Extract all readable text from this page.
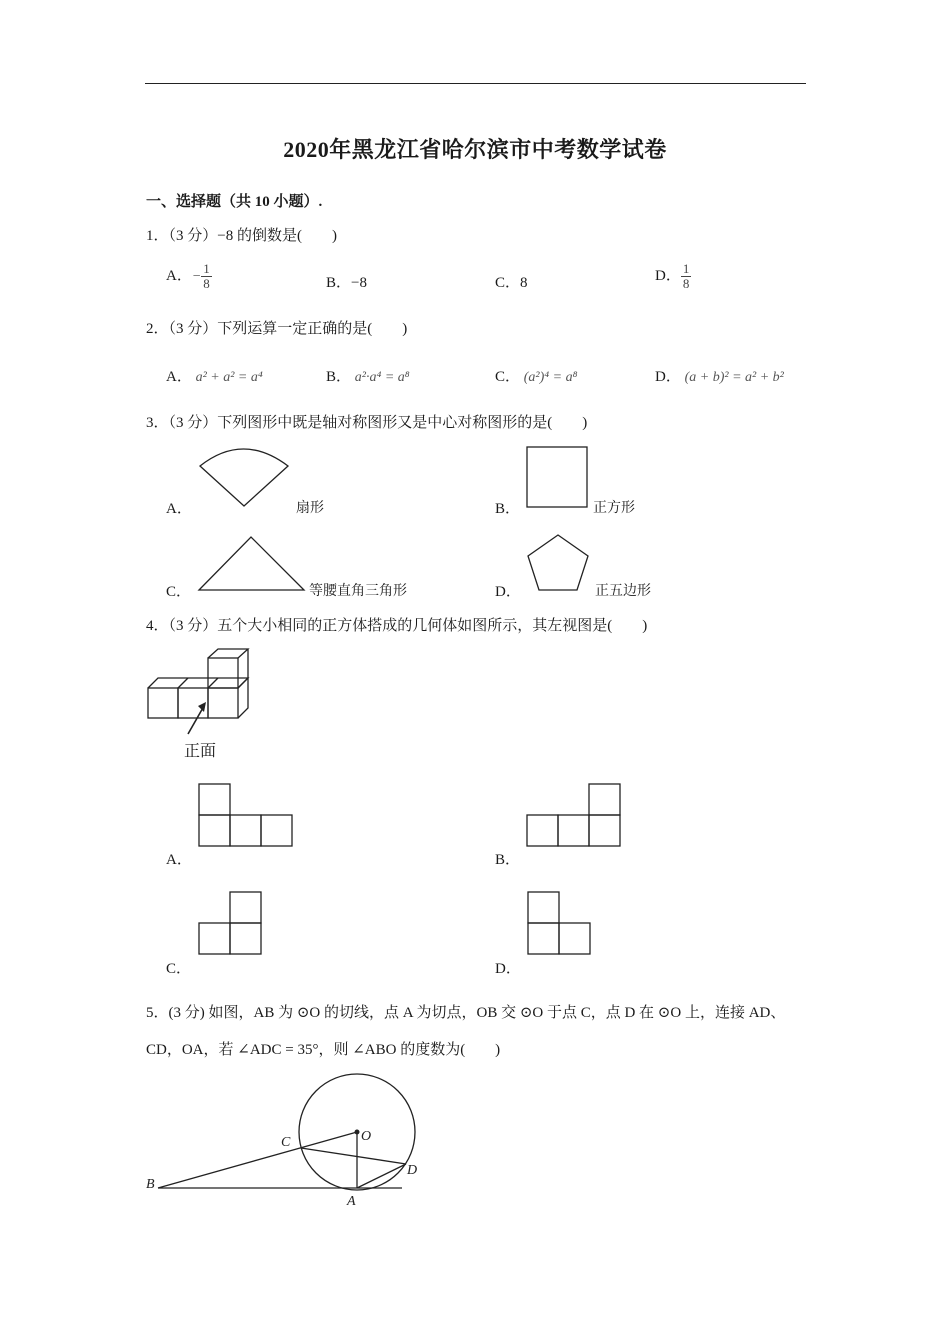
2020年黑龙江省哈尔滨市中考数学试卷
一、选择题（共 10 小题）.
1．（3 分）−8 的倒数是(　　)
A．− $\frac{1}{8}$	B．−8	C．8	D． $\frac{1}{8}$
2．（3 分）下列运算一定正确的是(　　)
A． a² + a² = a⁴	B． a²·a⁴ = a⁸	C． (a²)⁴ = a⁸	D． (a + b)² = a² + b²
3．（3 分）下列图形中既是轴对称图形又是中心对称图形的是(　　)
A．	扇形	B．	正方形
C．	等腰直角三角形	D．	正五边形
4．（3 分）五个大小相同的正方体搭成的几何体如图所示，其左视图是(　　)
正面
A．	B．
C．	D．
5．(3 分) 如图，AB 为 ⊙O 的切线，点 A 为切点，OB 交 ⊙O 于点 C，点 D 在 ⊙O 上，连接 AD、
CD，OA，若 ∠ADC = 35°，则 ∠ABO 的度数为(　　)
B
C	O
D
A
